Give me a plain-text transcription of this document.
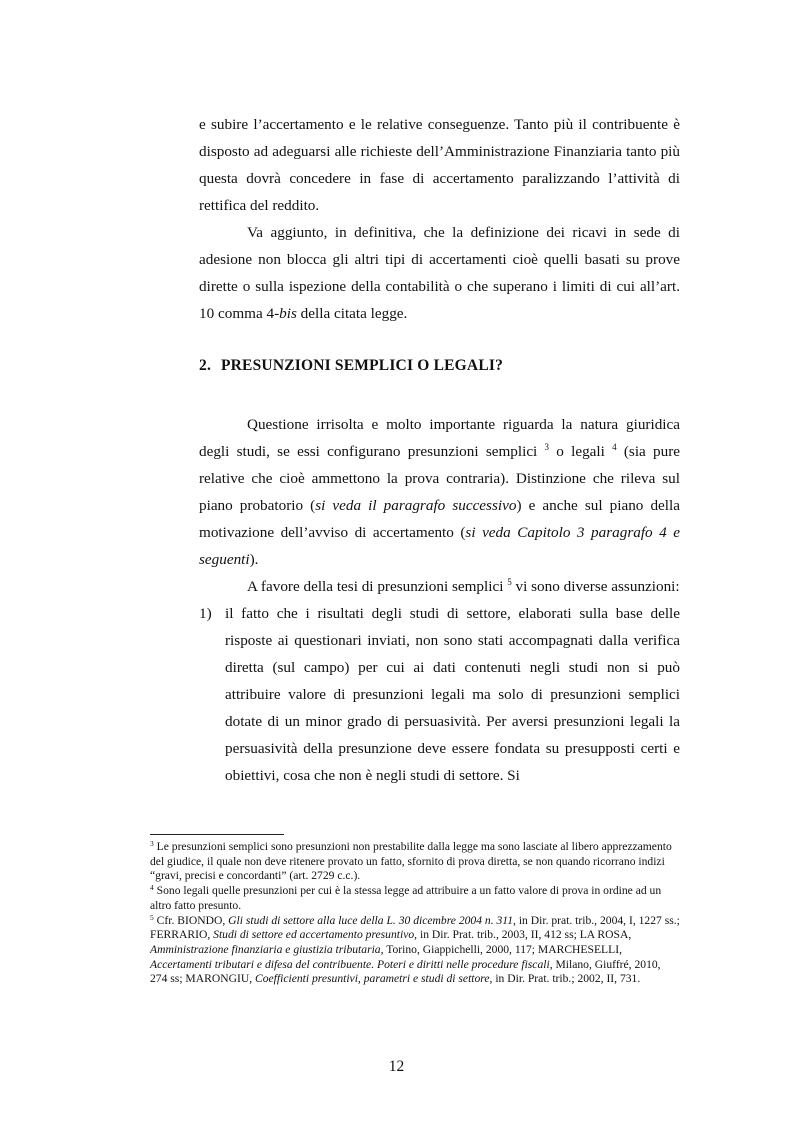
e subire l’accertamento e le relative conseguenze. Tanto più il contribuente è disposto ad adeguarsi alle richieste dell’Amministrazione Finanziaria tanto più questa dovrà concedere in fase di accertamento paralizzando l’attività di rettifica del reddito.

Va aggiunto, in definitiva, che la definizione dei ricavi in sede di adesione non blocca gli altri tipi di accertamenti cioè quelli basati su prove dirette o sulla ispezione della contabilità o che superano i limiti di cui all’art. 10 comma 4-bis della citata legge.

2. PRESUNZIONI SEMPLICI O LEGALI?

Questione irrisolta e molto importante riguarda la natura giuridica degli studi, se essi configurano presunzioni semplici $^3$ o legali $^4$ (sia pure relative che cioè ammettono la prova contraria). Distinzione che rileva sul piano probatorio (si veda il paragrafo successivo) e anche sul piano della motivazione dell’avviso di accertamento (si veda Capitolo 3 paragrafo 4 e seguenti).

A favore della tesi di presunzioni semplici $^5$ vi sono diverse assunzioni:

1) il fatto che i risultati degli studi di settore, elaborati sulla base delle risposte ai questionari inviati, non sono stati accompagnati dalla verifica diretta (sul campo) per cui ai dati contenuti negli studi non si può attribuire valore di presunzioni legali ma solo di presunzioni semplici dotate di un minor grado di persuasività. Per aversi presunzioni legali la persuasività della presunzione deve essere fondata su presupposti certi e obiettivi, cosa che non è negli studi di settore. Si
$^3$ Le presunzioni semplici sono presunzioni non prestabilite dalla legge ma sono lasciate al libero apprezzamento del giudice, il quale non deve ritenere provato un fatto, sfornito di prova diretta, se non quando ricorrano indizi “gravi, precisi e concordanti” (art. 2729 c.c.).
$^4$ Sono legali quelle presunzioni per cui è la stessa legge ad attribuire a un fatto valore di prova in ordine ad un altro fatto presunto.
$^5$ Cfr. BIONDO, Gli studi di settore alla luce della L. 30 dicembre 2004 n. 311, in Dir. prat. trib., 2004, I, 1227 ss.; FERRARIO, Studi di settore ed accertamento presuntivo, in Dir. Prat. trib., 2003, II, 412 ss; LA ROSA, Amministrazione finanziaria e giustizia tributaria, Torino, Giappichelli, 2000, 117; MARCHESELLI, Accertamenti tributari e difesa del contribuente. Poteri e diritti nelle procedure fiscali, Milano, Giuffré, 2010, 274 ss; MARONGIU, Coefficienti presuntivi, parametri e studi di settore, in Dir. Prat. trib.; 2002, II, 731.
12
